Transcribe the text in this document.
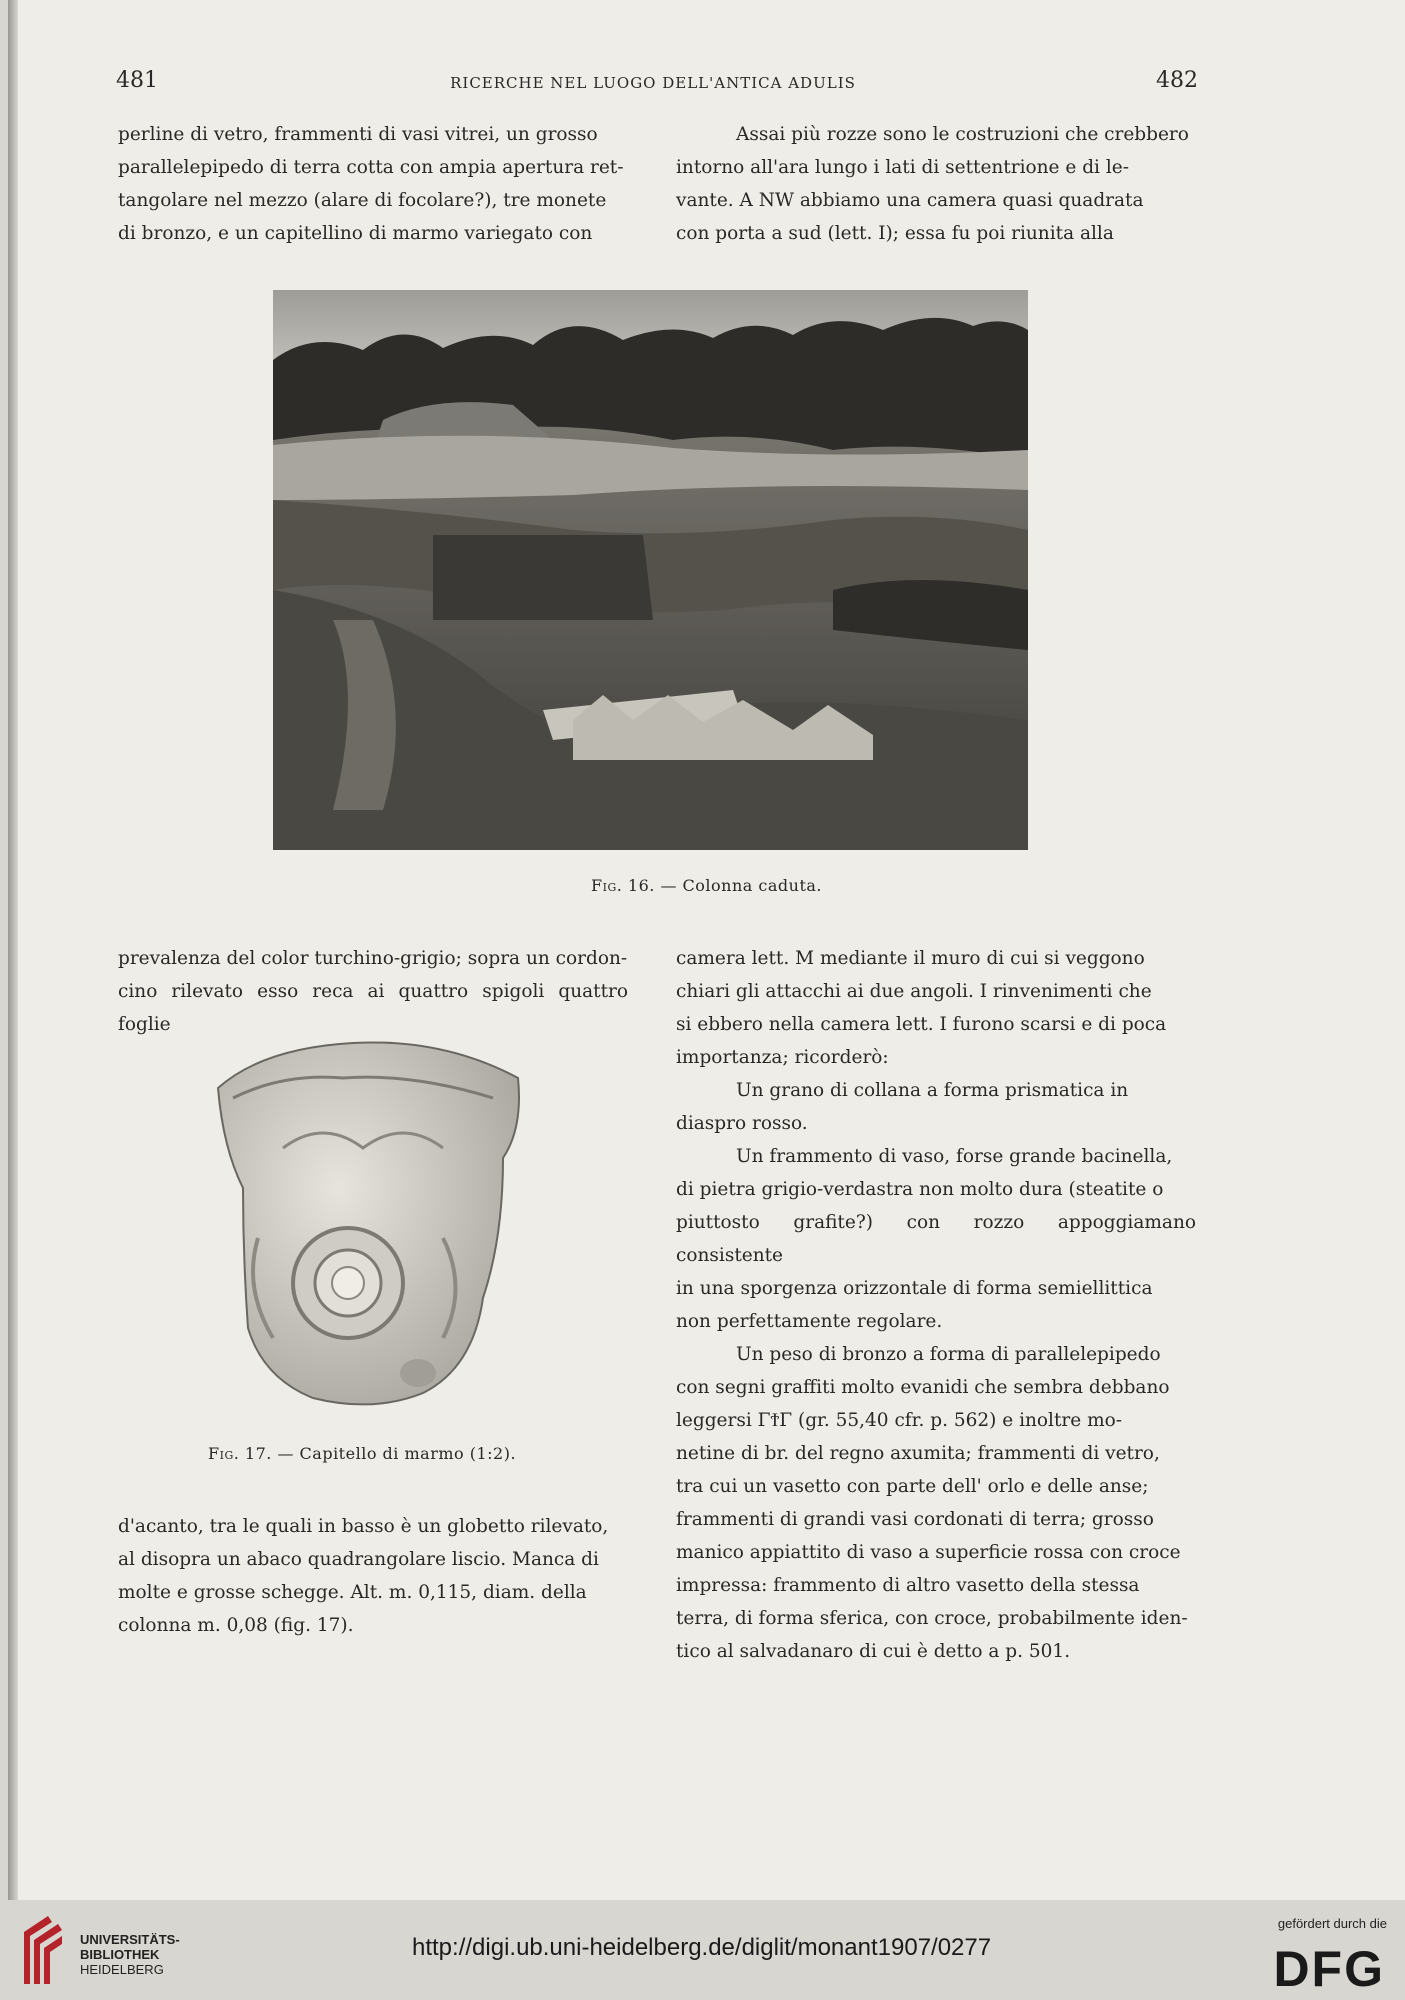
481	RICERCHE NEL LUOGO DELL'ANTICA ADULIS	482

perline di vetro, frammenti di vasi vitrei, un grosso

parallelepipedo di terra cotta con ampia apertura ret-

tangolare nel mezzo (alare di focolare?), tre monete

di bronzo, e un capitellino di marmo variegato con

Assai più rozze sono le costruzioni che crebbero

intorno all'ara lungo i lati di settentrione e di le-

vante. A NW abbiamo una camera quasi quadrata

con porta a sud (lett. I); essa fu poi riunita alla

Fig. 16. — Colonna caduta.

prevalenza del color turchino-grigio; sopra un cordon-

cino rilevato esso reca ai quattro spigoli quattro foglie

Fig. 17. — Capitello di marmo (1:2).

d'acanto, tra le quali in basso è un globetto rilevato,

al disopra un abaco quadrangolare liscio. Manca di

molte e grosse schegge. Alt. m. 0,115, diam. della

colonna m. 0,08 (fig. 17).

camera lett. M mediante il muro di cui si veggono

chiari gli attacchi ai due angoli. I rinvenimenti che

si ebbero nella camera lett. I furono scarsi e di poca

importanza; ricorderò:

Un grano di collana a forma prismatica in

diaspro rosso.

Un frammento di vaso, forse grande bacinella,

di pietra grigio-verdastra non molto dura (steatite o

piuttosto grafite?) con rozzo appoggiamano consistente

in una sporgenza orizzontale di forma semiellittica

non perfettamente regolare.

Un peso di bronzo a forma di parallelepipedo

con segni graffiti molto evanidi che sembra debbano

leggersi ΓϮΓ (gr. 55,40 cfr. p. 562) e inoltre mo-

netine di br. del regno axumita; frammenti di vetro,

tra cui un vasetto con parte dell' orlo e delle anse;

frammenti di grandi vasi cordonati di terra; grosso

manico appiattito di vaso a superficie rossa con croce

impressa: frammento di altro vasetto della stessa

terra, di forma sferica, con croce, probabilmente iden-

tico al salvadanaro di cui è detto a p. 501.

UNIVERSITÄTS-
BIBLIOTHEK
HEIDELBERG
http://digi.ub.uni-heidelberg.de/diglit/monant1907/0277
gefördert durch die
DFG
